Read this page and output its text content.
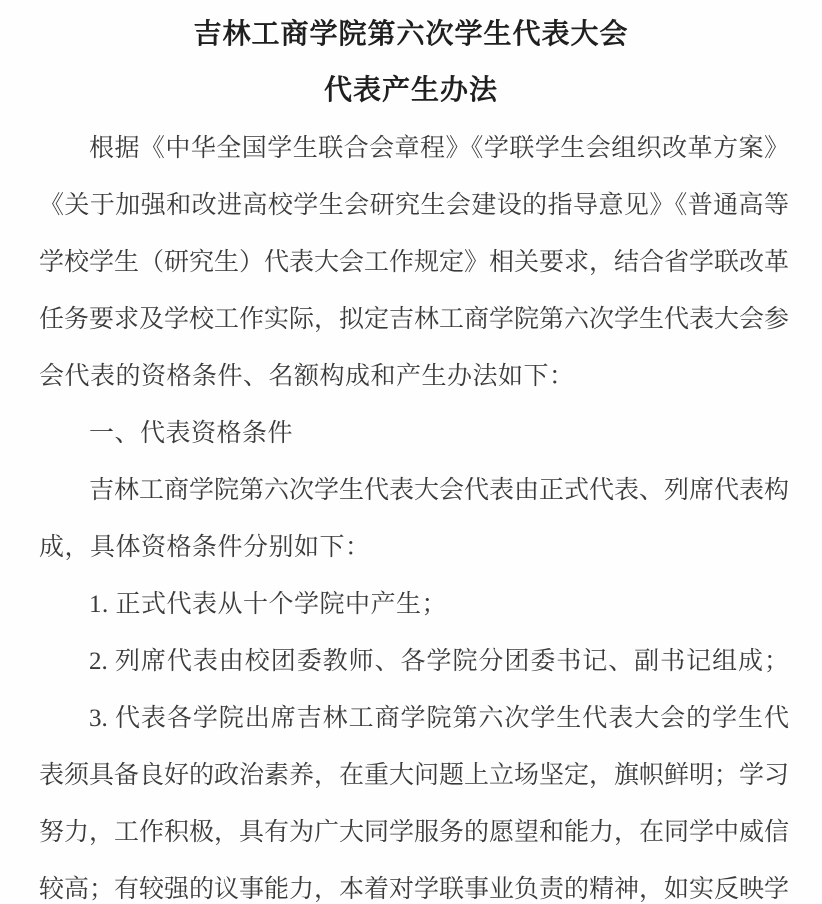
吉林工商学院第六次学生代表大会
代表产生办法
根据《中华全国学生联合会章程》《学联学生会组织改革方案》
《关于加强和改进高校学生会研究生会建设的指导意见》《普通高等
学校学生（研究生）代表大会工作规定》相关要求，结合省学联改革
任务要求及学校工作实际，拟定吉林工商学院第六次学生代表大会参
会代表的资格条件、名额构成和产生办法如下：
一、代表资格条件
吉林工商学院第六次学生代表大会代表由正式代表、列席代表构
成，具体资格条件分别如下：
1. 正式代表从十个学院中产生；
2. 列席代表由校团委教师、各学院分团委书记、副书记组成；
3. 代表各学院出席吉林工商学院第六次学生代表大会的学生代
表须具备良好的政治素养，在重大问题上立场坚定，旗帜鲜明；学习
努力，工作积极，具有为广大同学服务的愿望和能力，在同学中威信
较高；有较强的议事能力，本着对学联事业负责的精神，如实反映学
